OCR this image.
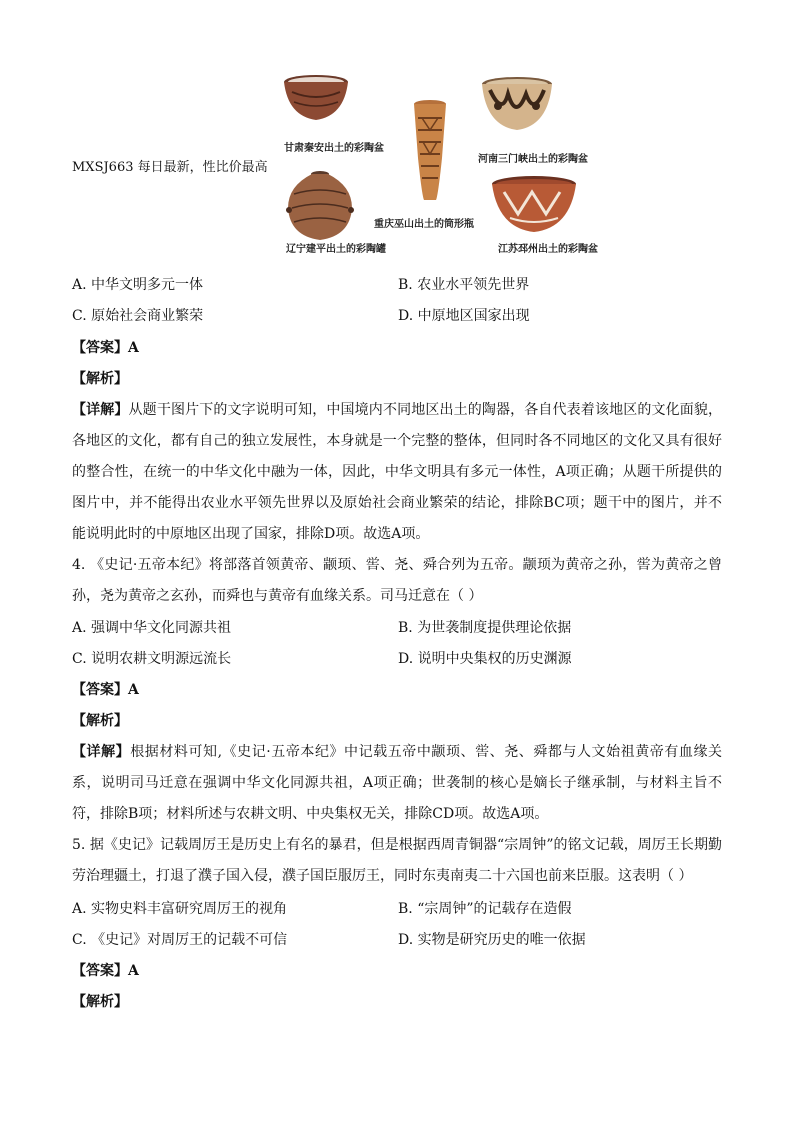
甘肃秦安出土的彩陶盆
河南三门峡出土的彩陶盆
重庆巫山出土的筒形瓶
辽宁建平出土的彩陶罐	江苏邳州出土的彩陶盆
MXSJ663 每日最新，性比价最高
A. 中华文明多元一体	B. 农业水平领先世界
C. 原始社会商业繁荣	D. 中原地区国家出现
【答案】A
【解析】
【详解】从题干图片下的文字说明可知，中国境内不同地区出土的陶器，各自代表着该地区的文化面貌，各地区的文化，都有自己的独立发展性，本身就是一个完整的整体，但同时各不同地区的文化又具有很好的整合性，在统一的中华文化中融为一体，因此，中华文明具有多元一体性，A项正确；从题干所提供的图片中，并不能得出农业水平领先世界以及原始社会商业繁荣的结论，排除BC项；题干中的图片，并不能说明此时的中原地区出现了国家，排除D项。故选A项。
4. 《史记·五帝本纪》将部落首领黄帝、颛顼、喾、尧、舜合列为五帝。颛顼为黄帝之孙，喾为黄帝之曾孙，尧为黄帝之玄孙，而舜也与黄帝有血缘关系。司马迁意在（ ）
A. 强调中华文化同源共祖	B. 为世袭制度提供理论依据
C. 说明农耕文明源远流长	D. 说明中央集权的历史渊源
【答案】A
【解析】
【详解】根据材料可知,《史记·五帝本纪》中记载五帝中颛顼、喾、尧、舜都与人文始祖黄帝有血缘关系，说明司马迁意在强调中华文化同源共祖，A项正确；世袭制的核心是嫡长子继承制，与材料主旨不符，排除B项；材料所述与农耕文明、中央集权无关，排除CD项。故选A项。
5. 据《史记》记载周厉王是历史上有名的暴君，但是根据西周青铜器“宗周钟”的铭文记载，周厉王长期勤劳治理疆土，打退了濮子国入侵，濮子国臣服厉王，同时东夷南夷二十六国也前来臣服。这表明（ ）
A. 实物史料丰富研究周厉王的视角	B. “宗周钟”的记载存在造假
C. 《史记》对周厉王的记载不可信	D. 实物是研究历史的唯一依据
【答案】A
【解析】
